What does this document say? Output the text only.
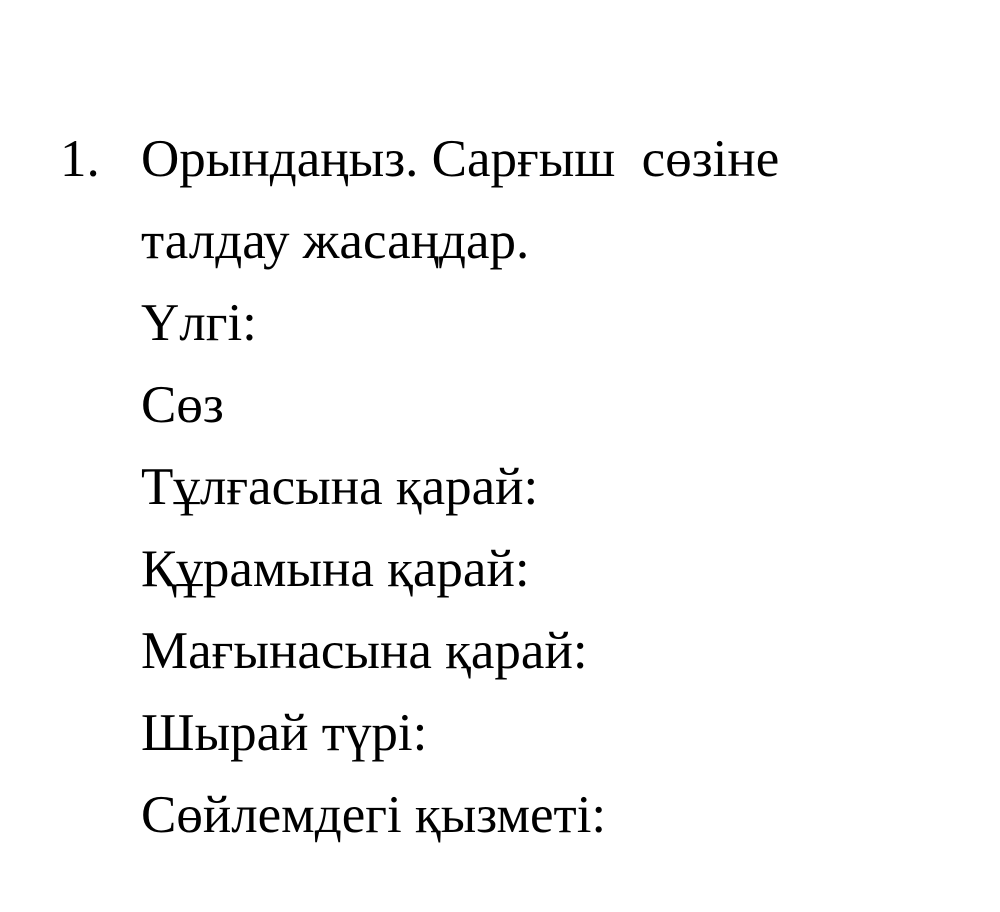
1. Орындаңыз. Сарғыш  сөзіне
талдау жасаңдар.
Үлгі:
Сөз
Тұлғасына қарай:
Құрамына қарай:
Мағынасына қарай:
Шырай түрі:
Сөйлемдегі қызметі:
